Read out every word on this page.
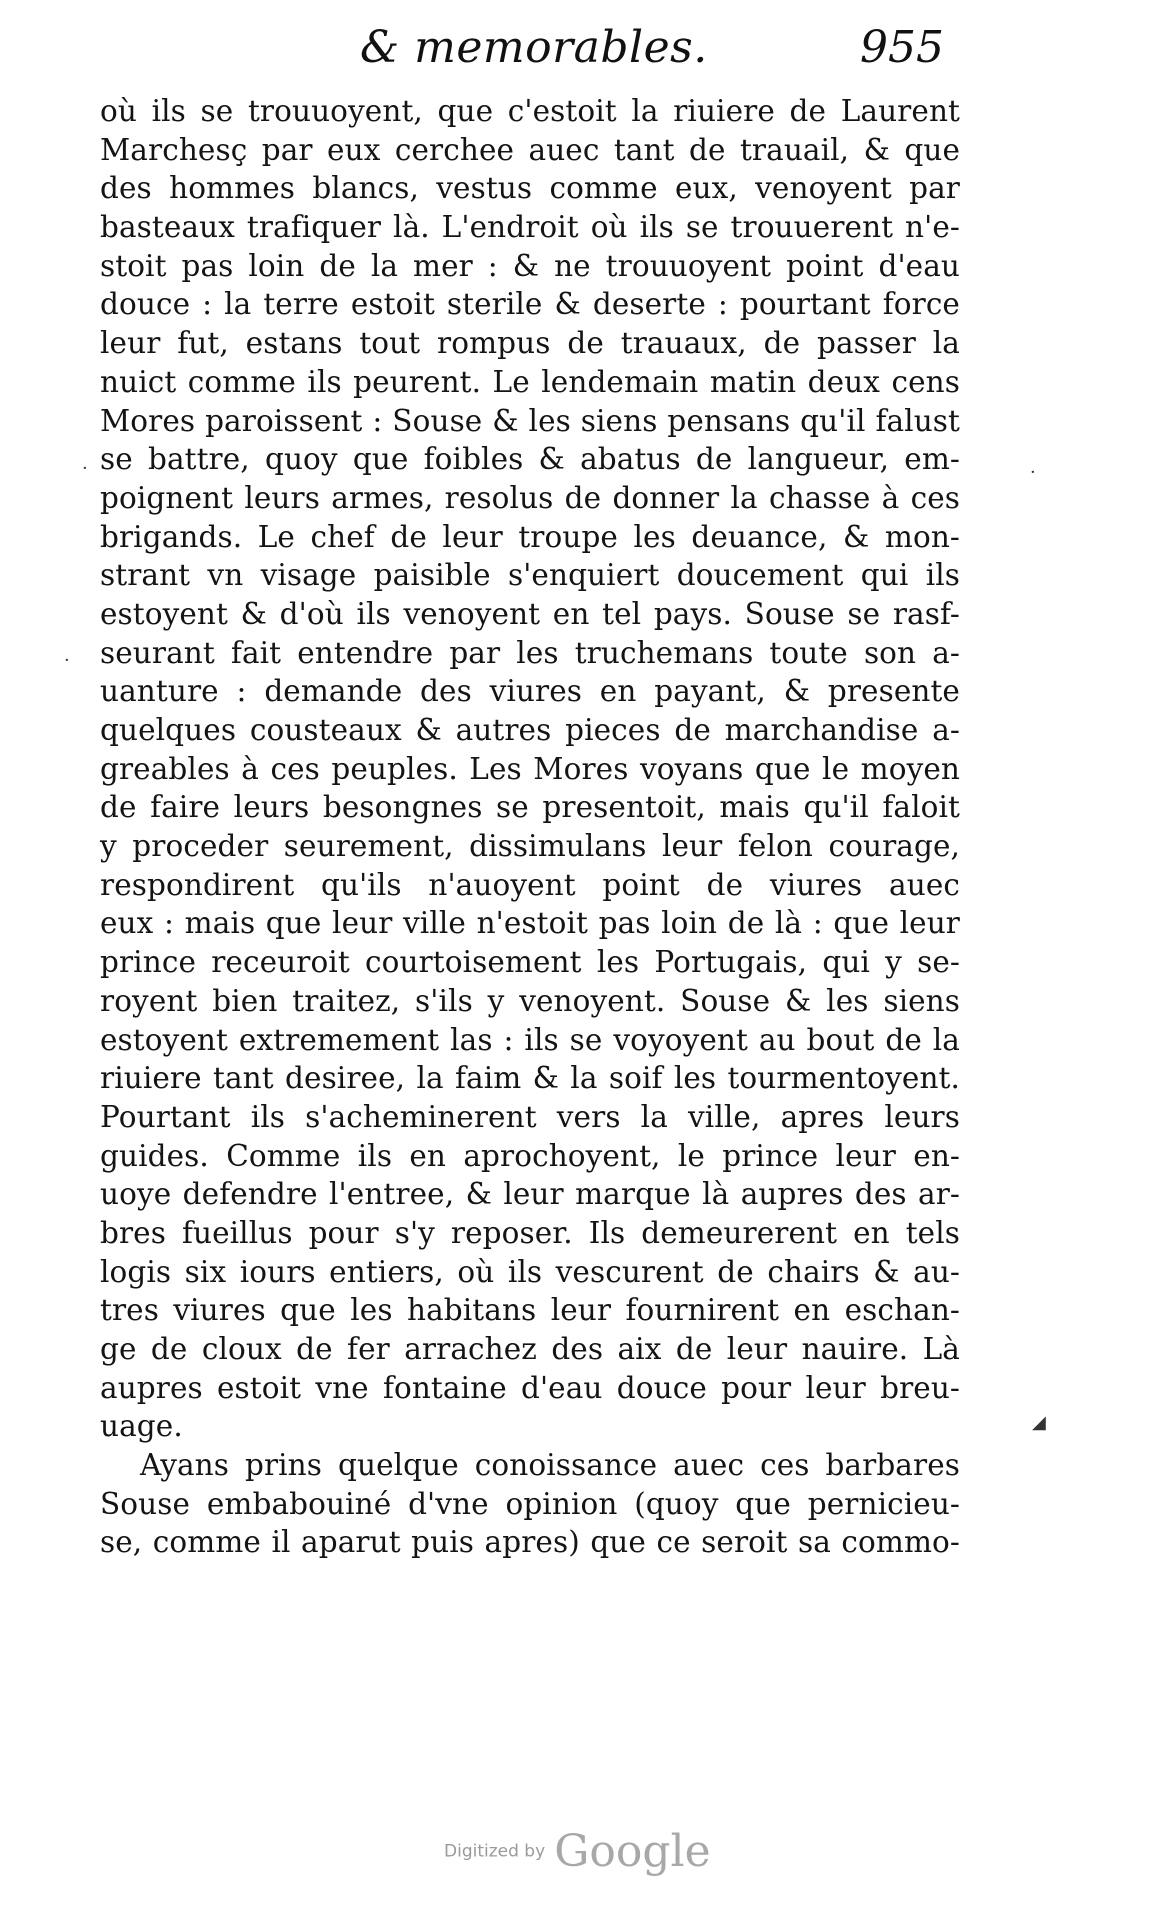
& memorables.	955
où ils se trouuoyent, que c'estoit la riuiere de Laurent
Marchesç par eux cerchee auec tant de trauail, & que
des hommes blancs, vestus comme eux, venoyent par
basteaux trafiquer là. L'endroit où ils se trouuerent n'e-
stoit pas loin de la mer : & ne trouuoyent point d'eau
douce : la terre estoit sterile & deserte : pourtant force
leur fut, estans tout rompus de trauaux, de passer la
nuict comme ils peurent. Le lendemain matin deux cens
Mores paroissent : Souse & les siens pensans qu'il falust
se battre, quoy que foibles & abatus de langueur, em-
poignent leurs armes, resolus de donner la chasse à ces
brigands. Le chef de leur troupe les deuance, & mon-
strant vn visage paisible s'enquiert doucement qui ils
estoyent & d'où ils venoyent en tel pays. Souse se rasf-
seurant fait entendre par les truchemans toute son a-
uanture : demande des viures en payant, & presente
quelques cousteaux & autres pieces de marchandise a-
greables à ces peuples. Les Mores voyans que le moyen
de faire leurs besongnes se presentoit, mais qu'il faloit
y proceder seurement, dissimulans leur felon courage,
respondirent qu'ils n'auoyent point de viures auec
eux : mais que leur ville n'estoit pas loin de là : que leur
prince receuroit courtoisement les Portugais, qui y se-
royent bien traitez, s'ils y venoyent. Souse & les siens
estoyent extremement las : ils se voyoyent au bout de la
riuiere tant desiree, la faim & la soif les tourmentoyent.
Pourtant ils s'acheminerent vers la ville, apres leurs
guides. Comme ils en aprochoyent, le prince leur en-
uoye defendre l'entree, & leur marque là aupres des ar-
bres fueillus pour s'y reposer. Ils demeurerent en tels
logis six iours entiers, où ils vescurent de chairs & au-
tres viures que les habitans leur fournirent en eschan-
ge de cloux de fer arrachez des aix de leur nauire. Là
aupres estoit vne fontaine d'eau douce pour leur breu-
uage.
Ayans prins quelque conoissance auec ces barbares
Souse embabouiné d'vne opinion (quoy que pernicieu-
se, comme il aparut puis apres) que ce seroit sa commo-
·
·
·
◢
Digitized by Google
